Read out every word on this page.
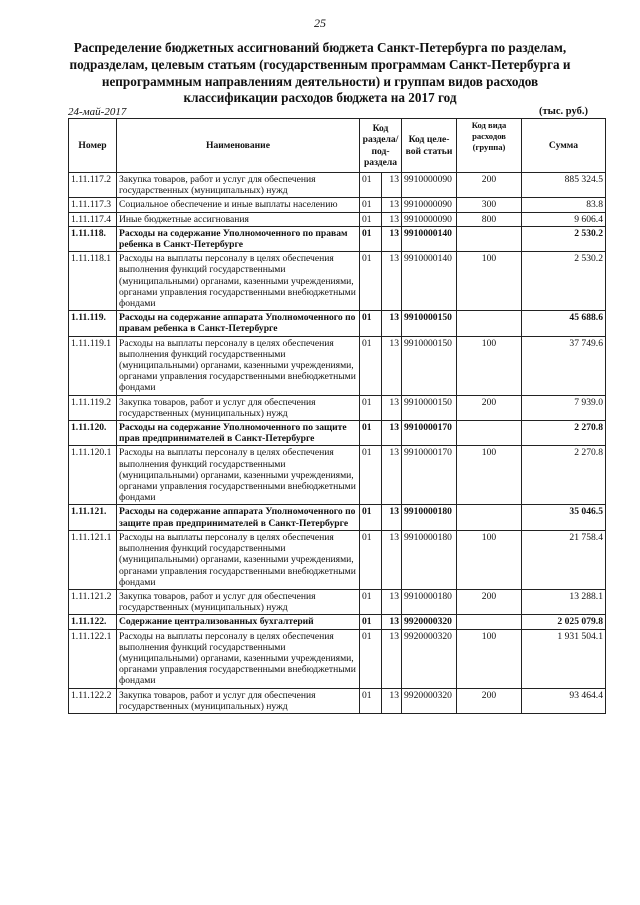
25
Распределение бюджетных ассигнований бюджета Санкт-Петербурга по разделам, подразделам, целевым статьям (государственным программам Санкт-Петербурга и непрограммным направлениям деятельности) и группам видов расходов классификации расходов бюджета на 2017 год
24-май-2017	(тыс. руб.)
Номер	Наименование	Код раздела/ под-раздела		Код целе-вой статьи	Код вида расходов (группа)	Сумма
1.11.117.2	Закупка товаров, работ и услуг для обеспечения государственных (муниципальных) нужд	01	13	9910000090	200	885 324.5
1.11.117.3	Социальное обеспечение и иные выплаты населению	01	13	9910000090	300	83.8
1.11.117.4	Иные бюджетные ассигнования	01	13	9910000090	800	9 606.4
1.11.118.	Расходы на содержание Уполномоченного по правам ребенка в Санкт-Петербурге	01	13	9910000140		2 530.2
1.11.118.1	Расходы на выплаты персоналу в целях обеспечения выполнения функций государственными (муниципальными) органами, казенными учреждениями, органами управления государственными внебюджетными фондами	01	13	9910000140	100	2 530.2
1.11.119.	Расходы на содержание аппарата Уполномоченного по правам ребенка в Санкт-Петербурге	01	13	9910000150		45 688.6
1.11.119.1	Расходы на выплаты персоналу в целях обеспечения выполнения функций государственными (муниципальными) органами, казенными учреждениями, органами управления государственными внебюджетными фондами	01	13	9910000150	100	37 749.6
1.11.119.2	Закупка товаров, работ и услуг для обеспечения государственных (муниципальных) нужд	01	13	9910000150	200	7 939.0
1.11.120.	Расходы на содержание Уполномоченного по защите прав предпринимателей в Санкт-Петербурге	01	13	9910000170		2 270.8
1.11.120.1	Расходы на выплаты персоналу в целях обеспечения выполнения функций государственными (муниципальными) органами, казенными учреждениями, органами управления государственными внебюджетными фондами	01	13	9910000170	100	2 270.8
1.11.121.	Расходы на содержание аппарата Уполномоченного по защите прав предпринимателей в Санкт-Петербурге	01	13	9910000180		35 046.5
1.11.121.1	Расходы на выплаты персоналу в целях обеспечения выполнения функций государственными (муниципальными) органами, казенными учреждениями, органами управления государственными внебюджетными фондами	01	13	9910000180	100	21 758.4
1.11.121.2	Закупка товаров, работ и услуг для обеспечения государственных (муниципальных) нужд	01	13	9910000180	200	13 288.1
1.11.122.	Содержание централизованных бухгалтерий	01	13	9920000320		2 025 079.8
1.11.122.1	Расходы на выплаты персоналу в целях обеспечения выполнения функций государственными (муниципальными) органами, казенными учреждениями, органами управления государственными внебюджетными фондами	01	13	9920000320	100	1 931 504.1
1.11.122.2	Закупка товаров, работ и услуг для обеспечения государственных (муниципальных) нужд	01	13	9920000320	200	93 464.4
